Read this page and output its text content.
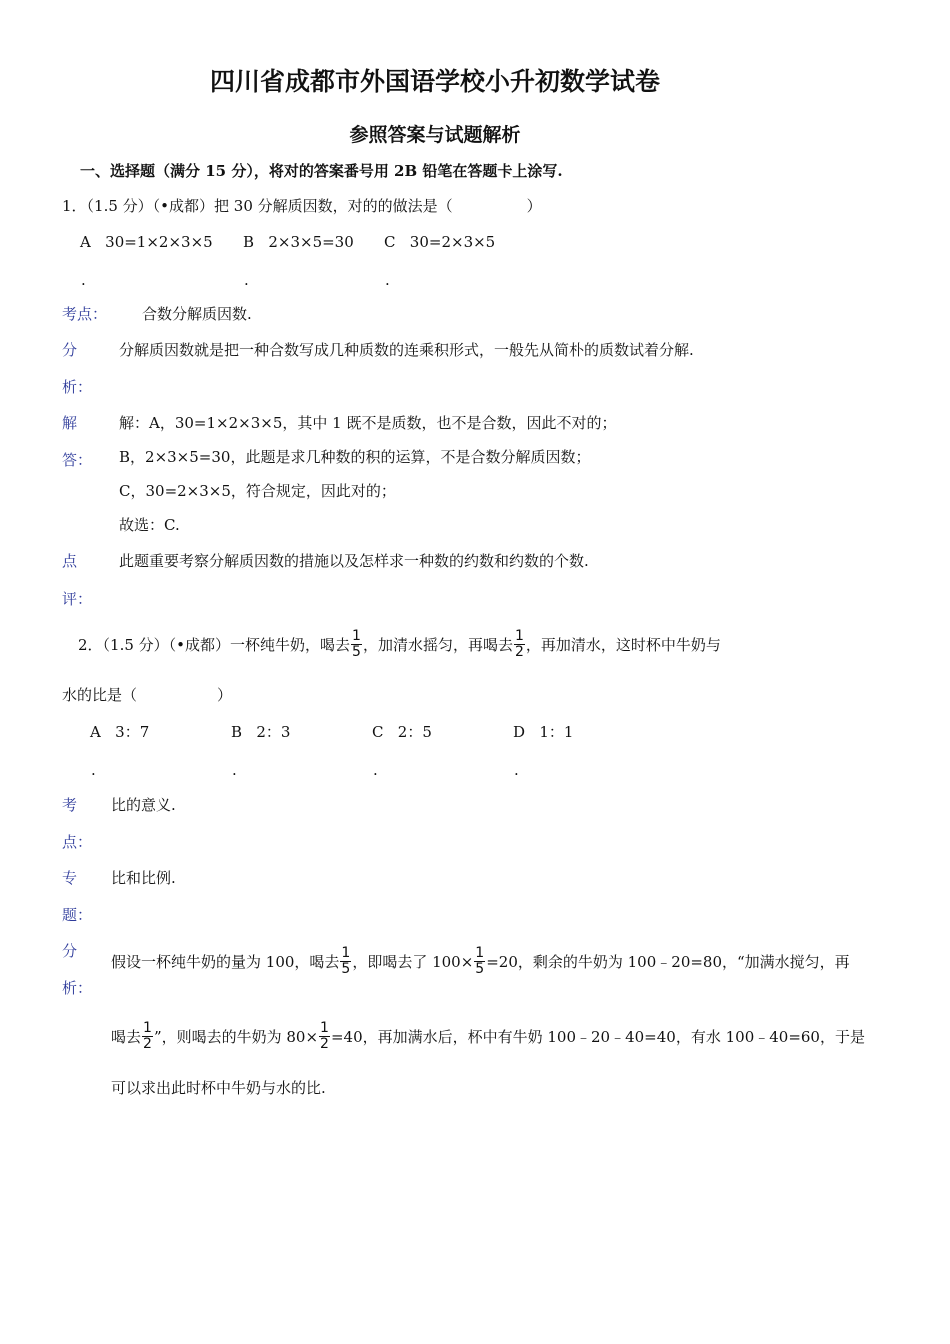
四川省成都市外国语学校小升初数学试卷
参照答案与试题解析
一、选择题（满分 15 分），将对的答案番号用 2B 铅笔在答题卡上涂写.
1．（1.5 分）（•成都）把 30 分解质因数，对的的做法是（	）
A 30=1×2×3×5 B 2×3×5=30 C 30=2×3×5
.	.	.
考点： 合数分解质因数.
分
析：
分解质因数就是把一种合数写成几种质数的连乘积形式，一般先从简朴的质数试着分解.
解
答：
解：A，30=1×2×3×5，其中 1 既不是质数，也不是合数，因此不对的；
B，2×3×5=30，此题是求几种数的积的运算，不是合数分解质因数；
C，30=2×3×5，符合规定，因此对的；
故选：C.
点
评：
此题重要考察分解质因数的措施以及怎样求一种数的约数和约数的个数.
2．（1.5 分）（•成都）一杯纯牛奶，喝去 $\frac{1}{5}$ ，加清水摇匀，再喝去 $\frac{1}{2}$ ，再加清水，这时杯中牛奶与
水的比是（	）
A 3：7	B 2：3	C 2：5	D 1：1
.	.	.	.
考
点：
比的意义.
专
题：
比和比例.
分
析：
假设一杯纯牛奶的量为 100，喝去 $\frac{1}{5}$ ，即喝去了 $100\times \frac{1}{5} =20$，剩余的牛奶为 100﹣20=80，“加满水搅匀，再
喝去 $\frac{1}{2}$ ”，则喝去的牛奶为 $80\times \frac{1}{2} =40$，再加满水后，杯中有牛奶 100﹣20﹣40=40，有水 100﹣40=60，于是
可以求出此时杯中牛奶与水的比.
